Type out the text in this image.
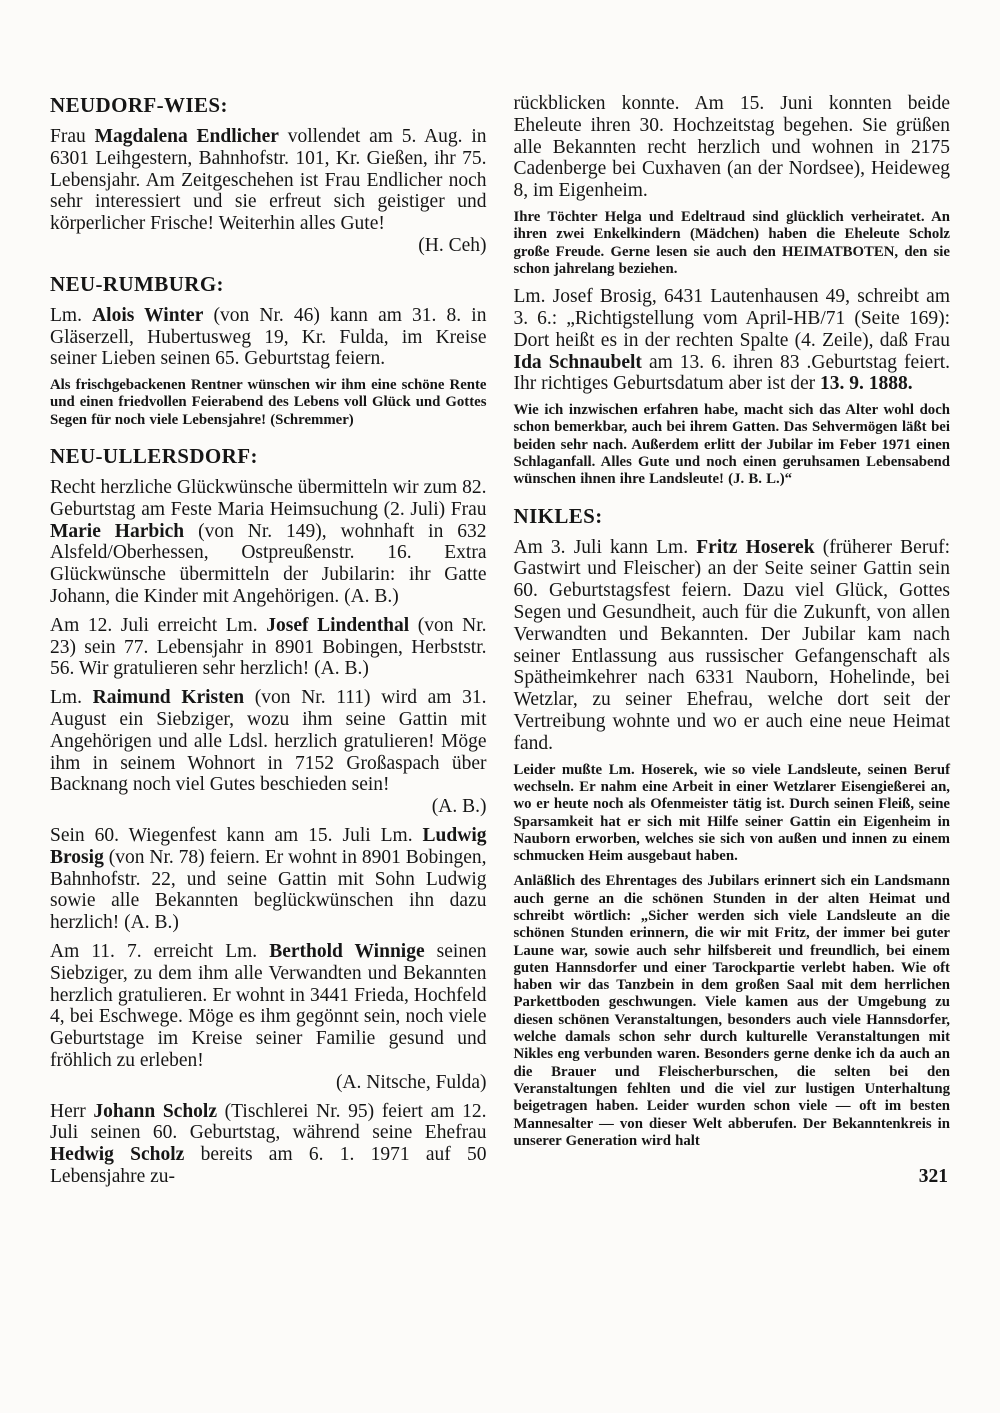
NEUDORF-WIES:
Frau Magdalena Endlicher vollendet am 5. Aug. in 6301 Leihgestern, Bahnhofstr. 101, Kr. Gießen, ihr 75. Lebensjahr. Am Zeitgeschehen ist Frau Endlicher noch sehr interessiert und sie erfreut sich geistiger und körperlicher Frische! Weiterhin alles Gute!
(H. Ceh)
NEU-RUMBURG:
Lm. Alois Winter (von Nr. 46) kann am 31. 8. in Gläserzell, Hubertusweg 19, Kr. Fulda, im Kreise seiner Lieben seinen 65. Geburtstag feiern.
Als frischgebackenen Rentner wünschen wir ihm eine schöne Rente und einen friedvollen Feierabend des Lebens voll Glück und Gottes Segen für noch viele Lebensjahre! (Schremmer)
NEU-ULLERSDORF:
Recht herzliche Glückwünsche übermitteln wir zum 82. Geburtstag am Feste Maria Heimsuchung (2. Juli) Frau Marie Harbich (von Nr. 149), wohnhaft in 632 Alsfeld/Oberhessen, Ostpreußenstr. 16. Extra Glückwünsche übermitteln der Jubilarin: ihr Gatte Johann, die Kinder mit Angehörigen. (A. B.)
Am 12. Juli erreicht Lm. Josef Lindenthal (von Nr. 23) sein 77. Lebensjahr in 8901 Bobingen, Herbststr. 56. Wir gratulieren sehr herzlich! (A. B.)
Lm. Raimund Kristen (von Nr. 111) wird am 31. August ein Siebziger, wozu ihm seine Gattin mit Angehörigen und alle Ldsl. herzlich gratulieren! Möge ihm in seinem Wohnort in 7152 Großaspach über Backnang noch viel Gutes beschieden sein!
(A. B.)
Sein 60. Wiegenfest kann am 15. Juli Lm. Ludwig Brosig (von Nr. 78) feiern. Er wohnt in 8901 Bobingen, Bahnhofstr. 22, und seine Gattin mit Sohn Ludwig sowie alle Bekannten beglückwünschen ihn dazu herzlich! (A. B.)
Am 11. 7. erreicht Lm. Berthold Winnige seinen Siebziger, zu dem ihm alle Verwandten und Bekannten herzlich gratulieren. Er wohnt in 3441 Frieda, Hochfeld 4, bei Eschwege. Möge es ihm gegönnt sein, noch viele Geburtstage im Kreise seiner Familie gesund und fröhlich zu erleben!
(A. Nitsche, Fulda)
Herr Johann Scholz (Tischlerei Nr. 95) feiert am 12. Juli seinen 60. Geburtstag, während seine Ehefrau Hedwig Scholz bereits am 6. 1. 1971 auf 50 Lebensjahre zu-
rückblicken konnte. Am 15. Juni konnten beide Eheleute ihren 30. Hochzeitstag begehen. Sie grüßen alle Bekannten recht herzlich und wohnen in 2175 Cadenberge bei Cuxhaven (an der Nordsee), Heideweg 8, im Eigenheim.
Ihre Töchter Helga und Edeltraud sind glücklich verheiratet. An ihren zwei Enkelkindern (Mädchen) haben die Eheleute Scholz große Freude. Gerne lesen sie auch den HEIMATBOTEN, den sie schon jahrelang beziehen.
Lm. Josef Brosig, 6431 Lautenhausen 49, schreibt am 3. 6.: „Richtigstellung vom April-HB/71 (Seite 169): Dort heißt es in der rechten Spalte (4. Zeile), daß Frau Ida Schnaubelt am 13. 6. ihren 83 .Geburtstag feiert. Ihr richtiges Geburtsdatum aber ist der 13. 9. 1888.
Wie ich inzwischen erfahren habe, macht sich das Alter wohl doch schon bemerkbar, auch bei ihrem Gatten. Das Sehvermögen läßt bei beiden sehr nach. Außerdem erlitt der Jubilar im Feber 1971 einen Schlaganfall. Alles Gute und noch einen geruhsamen Lebensabend wünschen ihnen ihre Landsleute! (J. B. L.)“
NIKLES:
Am 3. Juli kann Lm. Fritz Hoserek (früherer Beruf: Gastwirt und Fleischer) an der Seite seiner Gattin sein 60. Geburtstagsfest feiern. Dazu viel Glück, Gottes Segen und Gesundheit, auch für die Zukunft, von allen Verwandten und Bekannten. Der Jubilar kam nach seiner Entlassung aus russischer Gefangenschaft als Spätheimkehrer nach 6331 Nauborn, Hohelinde, bei Wetzlar, zu seiner Ehefrau, welche dort seit der Vertreibung wohnte und wo er auch eine neue Heimat fand.
Leider mußte Lm. Hoserek, wie so viele Landsleute, seinen Beruf wechseln. Er nahm eine Arbeit in einer Wetzlarer Eisengießerei an, wo er heute noch als Ofenmeister tätig ist. Durch seinen Fleiß, seine Sparsamkeit hat er sich mit Hilfe seiner Gattin ein Eigenheim in Nauborn erworben, welches sie sich von außen und innen zu einem schmucken Heim ausgebaut haben.
Anläßlich des Ehrentages des Jubilars erinnert sich ein Landsmann auch gerne an die schönen Stunden in der alten Heimat und schreibt wörtlich: „Sicher werden sich viele Landsleute an die schönen Stunden erinnern, die wir mit Fritz, der immer bei guter Laune war, sowie auch sehr hilfsbereit und freundlich, bei einem guten Hannsdorfer und einer Tarockpartie verlebt haben. Wie oft haben wir das Tanzbein in dem großen Saal mit dem herrlichen Parkettboden geschwungen. Viele kamen aus der Umgebung zu diesen schönen Veranstaltungen, besonders auch viele Hannsdorfer, welche damals schon sehr durch kulturelle Veranstaltungen mit Nikles eng verbunden waren. Besonders gerne denke ich da auch an die Brauer und Fleischerburschen, die selten bei den Veranstaltungen fehlten und die viel zur lustigen Unterhaltung beigetragen haben. Leider wurden schon viele — oft im besten Mannesalter — von dieser Welt abberufen. Der Bekanntenkreis in unserer Generation wird halt
321
